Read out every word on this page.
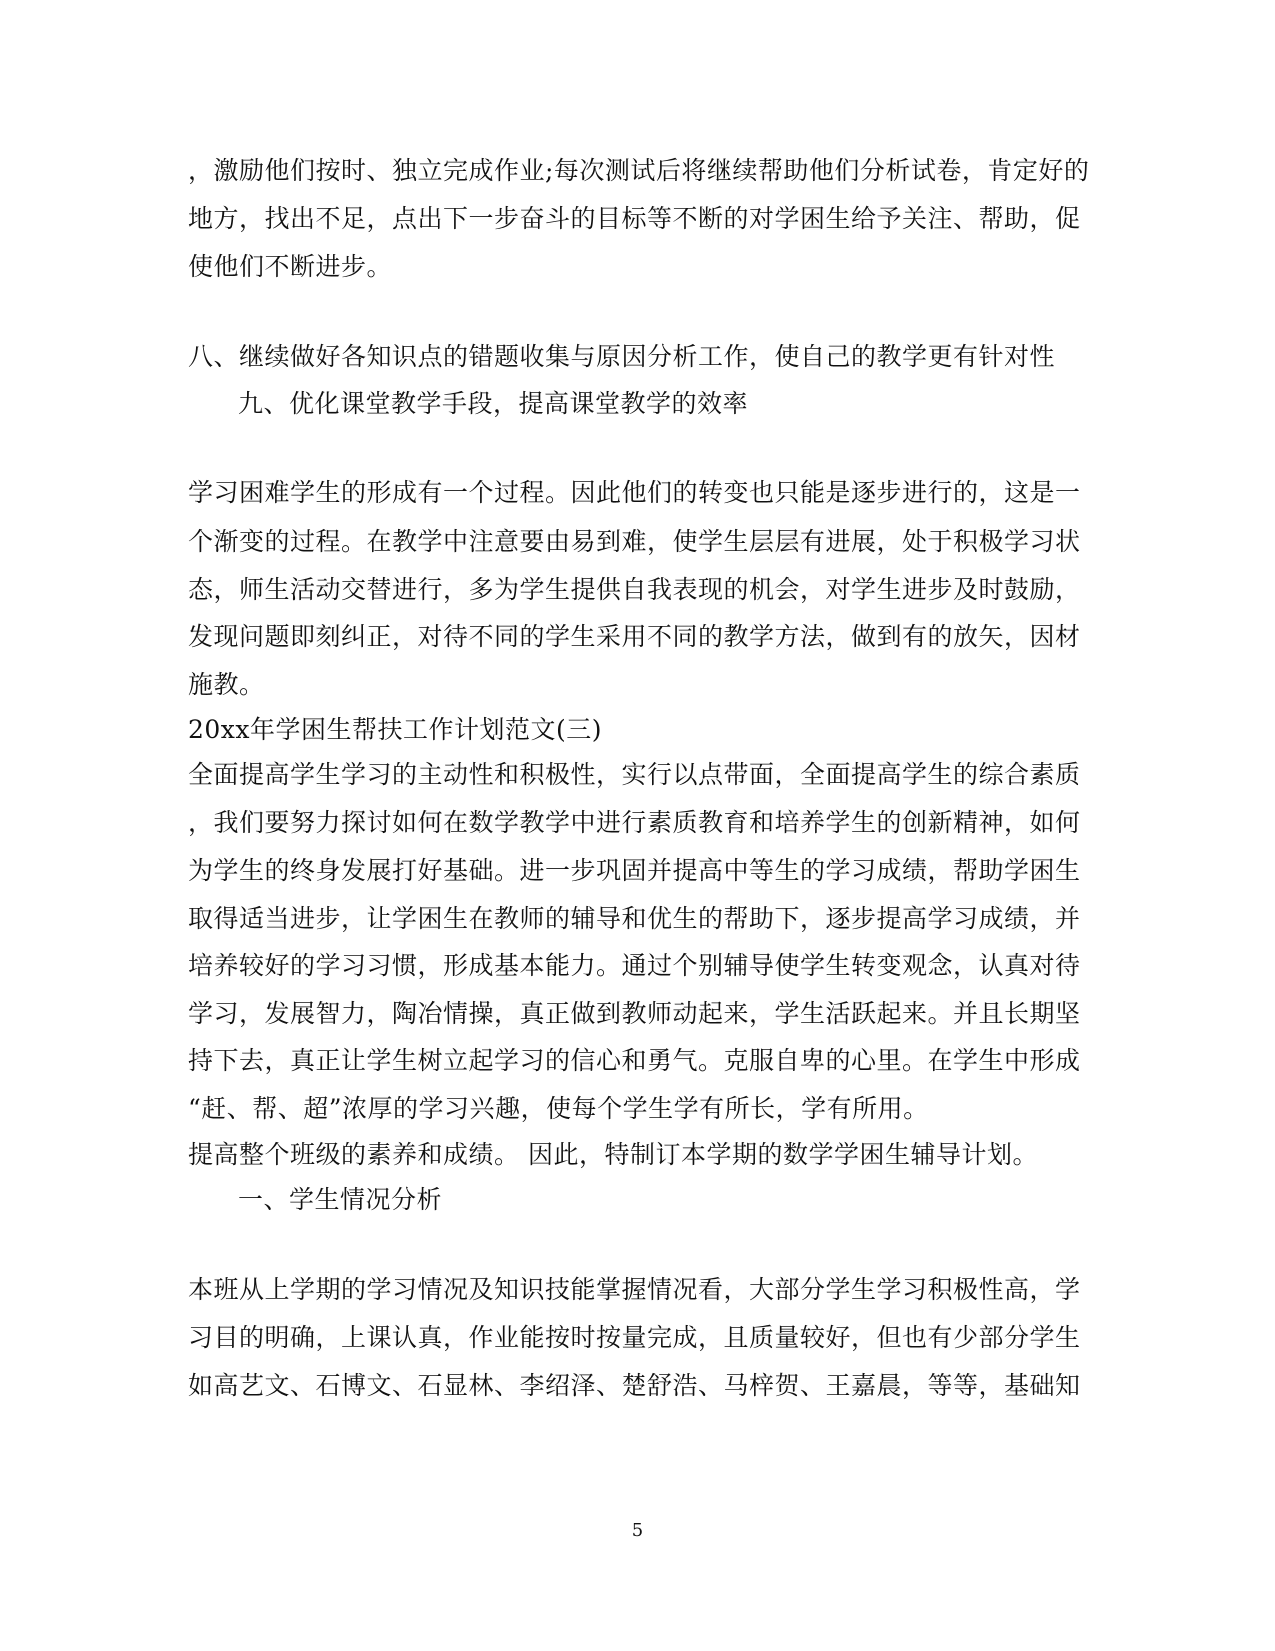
，激励他们按时、独立完成作业;每次测试后将继续帮助他们分析试卷，肯定好的
地方，找出不足，点出下一步奋斗的目标等不断的对学困生给予关注、帮助，促
使他们不断进步。
八、继续做好各知识点的错题收集与原因分析工作，使自己的教学更有针对性
九、优化课堂教学手段，提高课堂教学的效率
学习困难学生的形成有一个过程。因此他们的转变也只能是逐步进行的，这是一
个渐变的过程。在教学中注意要由易到难，使学生层层有进展，处于积极学习状
态，师生活动交替进行，多为学生提供自我表现的机会，对学生进步及时鼓励，
发现问题即刻纠正，对待不同的学生采用不同的教学方法，做到有的放矢，因材
施教。
20xx年学困生帮扶工作计划范文(三)
全面提高学生学习的主动性和积极性，实行以点带面，全面提高学生的综合素质
，我们要努力探讨如何在数学教学中进行素质教育和培养学生的创新精神，如何
为学生的终身发展打好基础。进一步巩固并提高中等生的学习成绩，帮助学困生
取得适当进步，让学困生在教师的辅导和优生的帮助下，逐步提高学习成绩，并
培养较好的学习习惯，形成基本能力。通过个别辅导使学生转变观念，认真对待
学习，发展智力，陶冶情操，真正做到教师动起来，学生活跃起来。并且长期坚
持下去，真正让学生树立起学习的信心和勇气。克服自卑的心里。在学生中形成
“赶、帮、超”浓厚的学习兴趣，使每个学生学有所长，学有所用。
提高整个班级的素养和成绩。 因此，特制订本学期的数学学困生辅导计划。
一、学生情况分析
本班从上学期的学习情况及知识技能掌握情况看，大部分学生学习积极性高，学
习目的明确，上课认真，作业能按时按量完成，且质量较好，但也有少部分学生
如高艺文、石博文、石显林、李绍泽、楚舒浩、马梓贺、王嘉晨，等等，基础知
5
